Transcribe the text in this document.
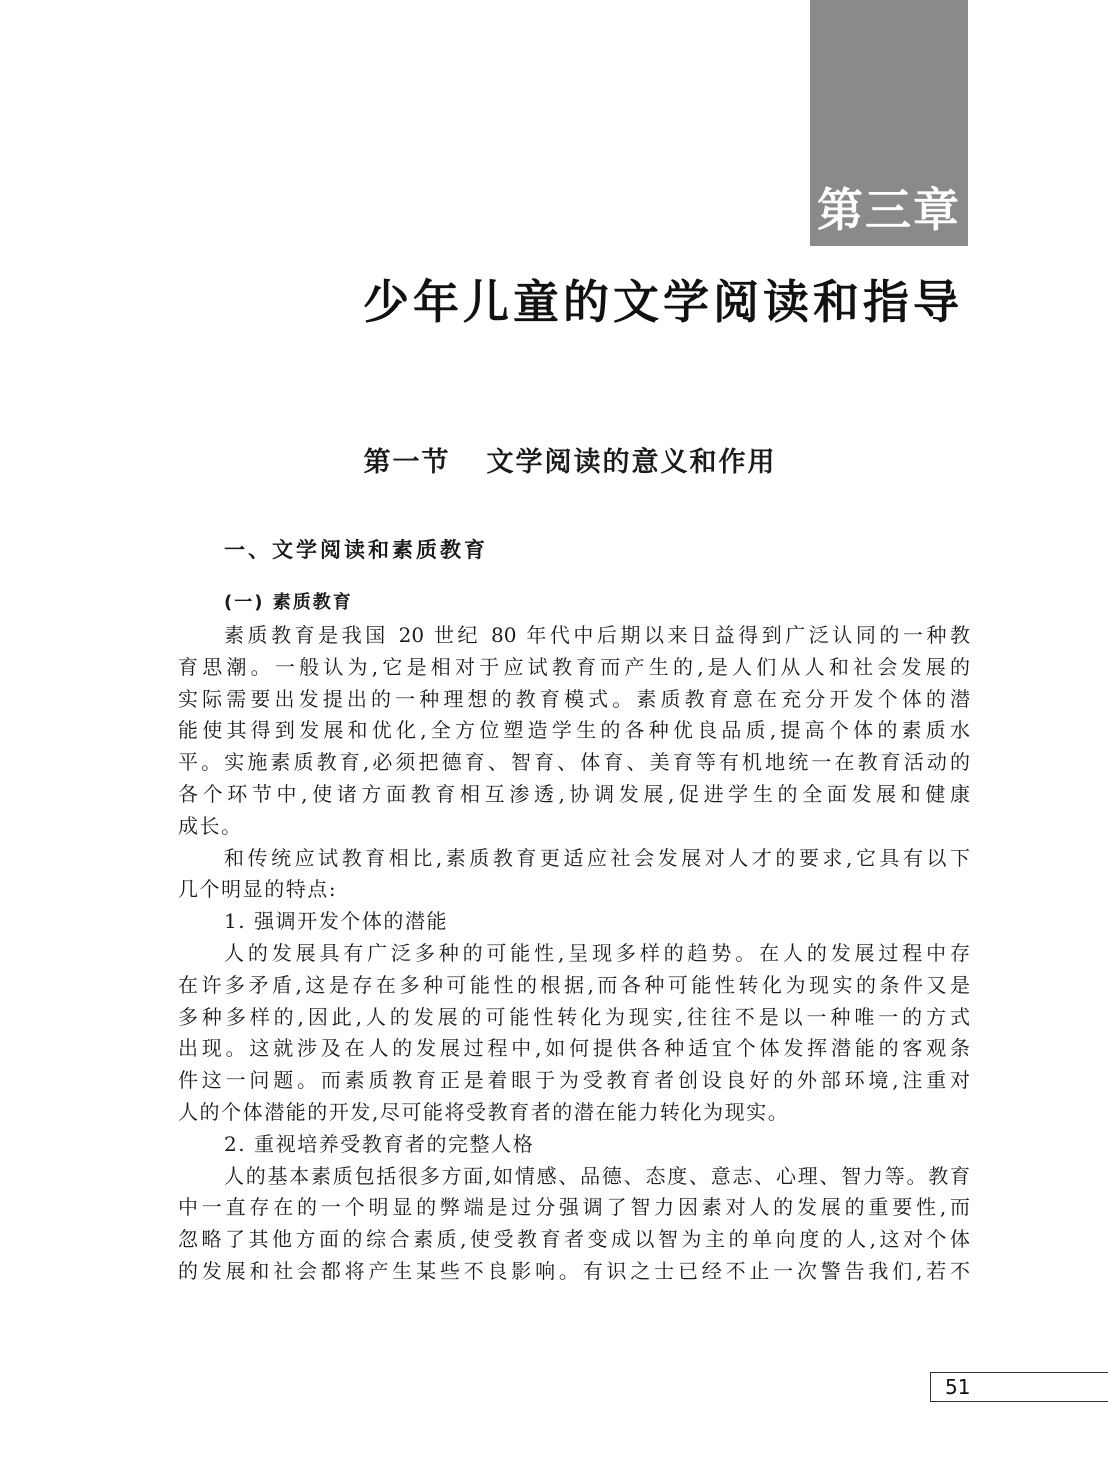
第三章
少年儿童的文学阅读和指导
第一节 文学阅读的意义和作用
一、文学阅读和素质教育
(一) 素质教育
素质教育是我国 20 世纪 80 年代中后期以来日益得到广泛认同的一种教
育思潮。一般认为,它是相对于应试教育而产生的,是人们从人和社会发展的
实际需要出发提出的一种理想的教育模式。素质教育意在充分开发个体的潜
能使其得到发展和优化,全方位塑造学生的各种优良品质,提高个体的素质水
平。实施素质教育,必须把德育、智育、体育、美育等有机地统一在教育活动的
各个环节中,使诸方面教育相互渗透,协调发展,促进学生的全面发展和健康
成长。
和传统应试教育相比,素质教育更适应社会发展对人才的要求,它具有以下
几个明显的特点:
1. 强调开发个体的潜能
人的发展具有广泛多种的可能性,呈现多样的趋势。在人的发展过程中存
在许多矛盾,这是存在多种可能性的根据,而各种可能性转化为现实的条件又是
多种多样的,因此,人的发展的可能性转化为现实,往往不是以一种唯一的方式
出现。这就涉及在人的发展过程中,如何提供各种适宜个体发挥潜能的客观条
件这一问题。而素质教育正是着眼于为受教育者创设良好的外部环境,注重对
人的个体潜能的开发,尽可能将受教育者的潜在能力转化为现实。
2. 重视培养受教育者的完整人格
人的基本素质包括很多方面,如情感、品德、态度、意志、心理、智力等。教育
中一直存在的一个明显的弊端是过分强调了智力因素对人的发展的重要性,而
忽略了其他方面的综合素质,使受教育者变成以智为主的单向度的人,这对个体
的发展和社会都将产生某些不良影响。有识之士已经不止一次警告我们,若不
51
